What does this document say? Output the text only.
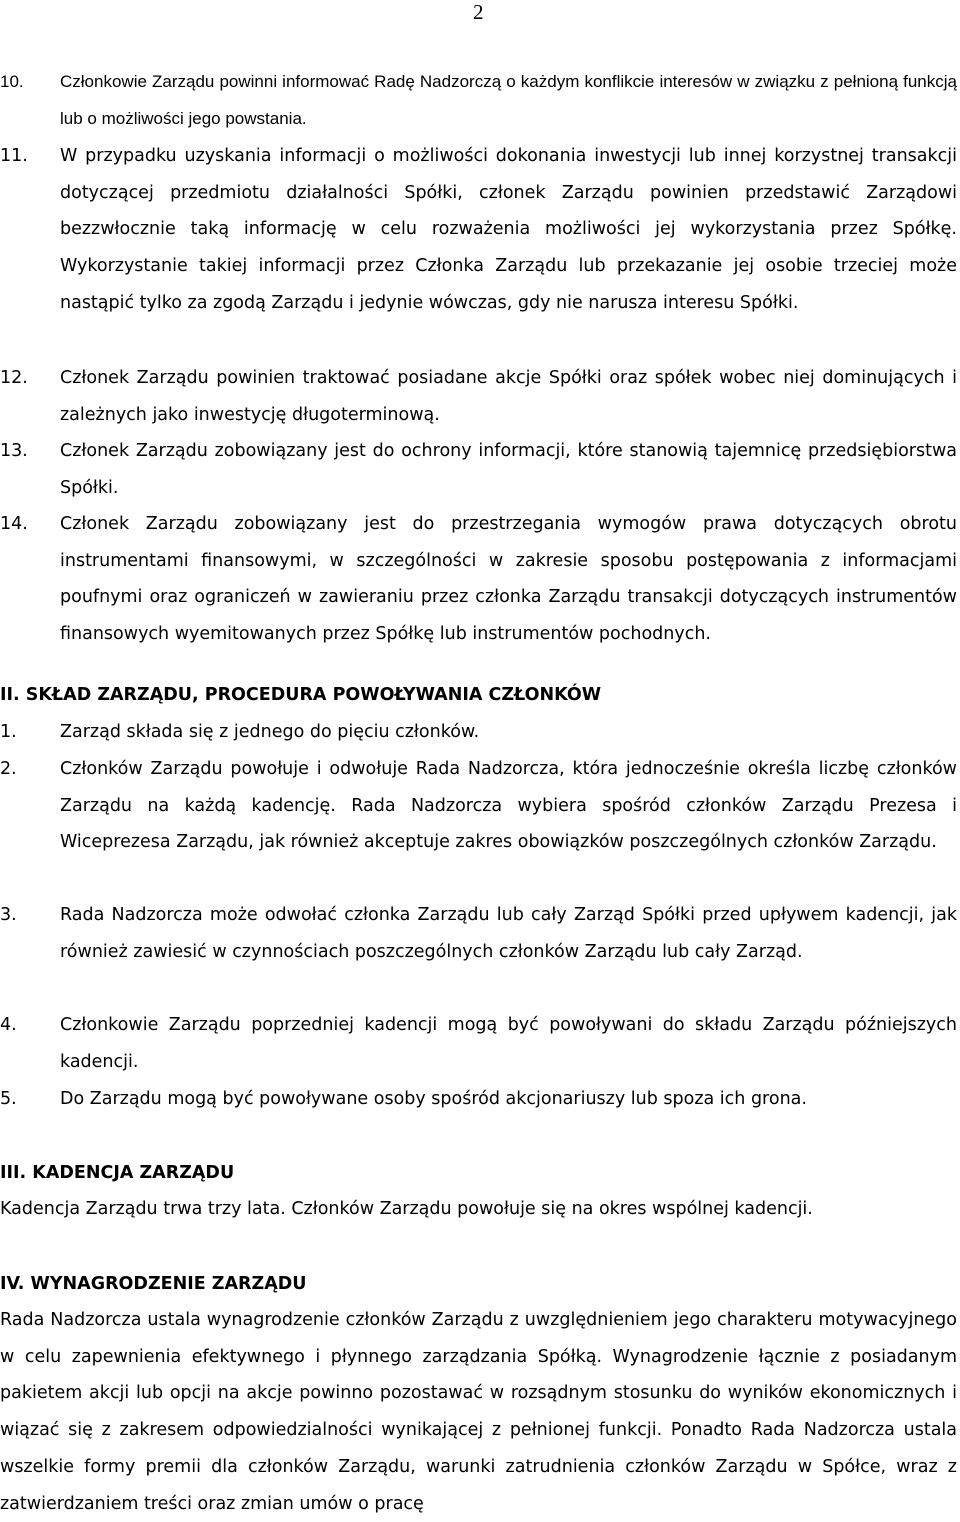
2
10. Członkowie Zarządu powinni informować Radę Nadzorczą o każdym konflikcie interesów w związku z pełnioną funkcją lub o możliwości jego powstania.
11. W przypadku uzyskania informacji o możliwości dokonania inwestycji lub innej korzystnej transakcji dotyczącej przedmiotu działalności Spółki, członek Zarządu powinien przedstawić Zarządowi bezzwłocznie taką informację w celu rozważenia możliwości jej wykorzystania przez Spółkę. Wykorzystanie takiej informacji przez Członka Zarządu lub przekazanie jej osobie trzeciej może nastąpić tylko za zgodą Zarządu i jedynie wówczas, gdy nie narusza interesu Spółki.
12. Członek Zarządu powinien traktować posiadane akcje Spółki oraz spółek wobec niej dominujących i zależnych jako inwestycję długoterminową.
13. Członek Zarządu zobowiązany jest do ochrony informacji, które stanowią tajemnicę przedsiębiorstwa Spółki.
14. Członek Zarządu zobowiązany jest do przestrzegania wymogów prawa dotyczących obrotu instrumentami finansowymi, w szczególności w zakresie sposobu postępowania z informacjami poufnymi oraz ograniczeń w zawieraniu przez członka Zarządu transakcji dotyczących instrumentów finansowych wyemitowanych przez Spółkę lub instrumentów pochodnych.
II. SKŁAD ZARZĄDU, PROCEDURA POWOŁYWANIA CZŁONKÓW
1. Zarząd składa się z jednego do pięciu członków.
2. Członków Zarządu powołuje i odwołuje Rada Nadzorcza, która jednocześnie określa liczbę członków Zarządu na każdą kadencję. Rada Nadzorcza wybiera spośród członków Zarządu Prezesa i Wiceprezesa Zarządu, jak również akceptuje zakres obowiązków poszczególnych członków Zarządu.
3. Rada Nadzorcza może odwołać członka Zarządu lub cały Zarząd Spółki przed upływem kadencji, jak również zawiesić w czynnościach poszczególnych członków Zarządu lub cały Zarząd.
4. Członkowie Zarządu poprzedniej kadencji mogą być powoływani do składu Zarządu późniejszych kadencji.
5. Do Zarządu mogą być powoływane osoby spośród akcjonariuszy lub spoza ich grona.
III. KADENCJA ZARZĄDU
Kadencja Zarządu trwa trzy lata. Członków Zarządu powołuje się na okres wspólnej kadencji.
IV. WYNAGRODZENIE ZARZĄDU
Rada Nadzorcza ustala wynagrodzenie członków Zarządu z uwzględnieniem jego charakteru motywacyjnego w celu zapewnienia efektywnego i płynnego zarządzania Spółką. Wynagrodzenie łącznie z posiadanym pakietem akcji lub opcji na akcje powinno pozostawać w rozsądnym stosunku do wyników ekonomicznych i wiązać się z zakresem odpowiedzialności wynikającej z pełnionej funkcji. Ponadto Rada Nadzorcza ustala wszelkie formy premii dla członków Zarządu, warunki zatrudnienia członków Zarządu w Spółce, wraz z zatwierdzaniem treści oraz zmian umów o pracę
